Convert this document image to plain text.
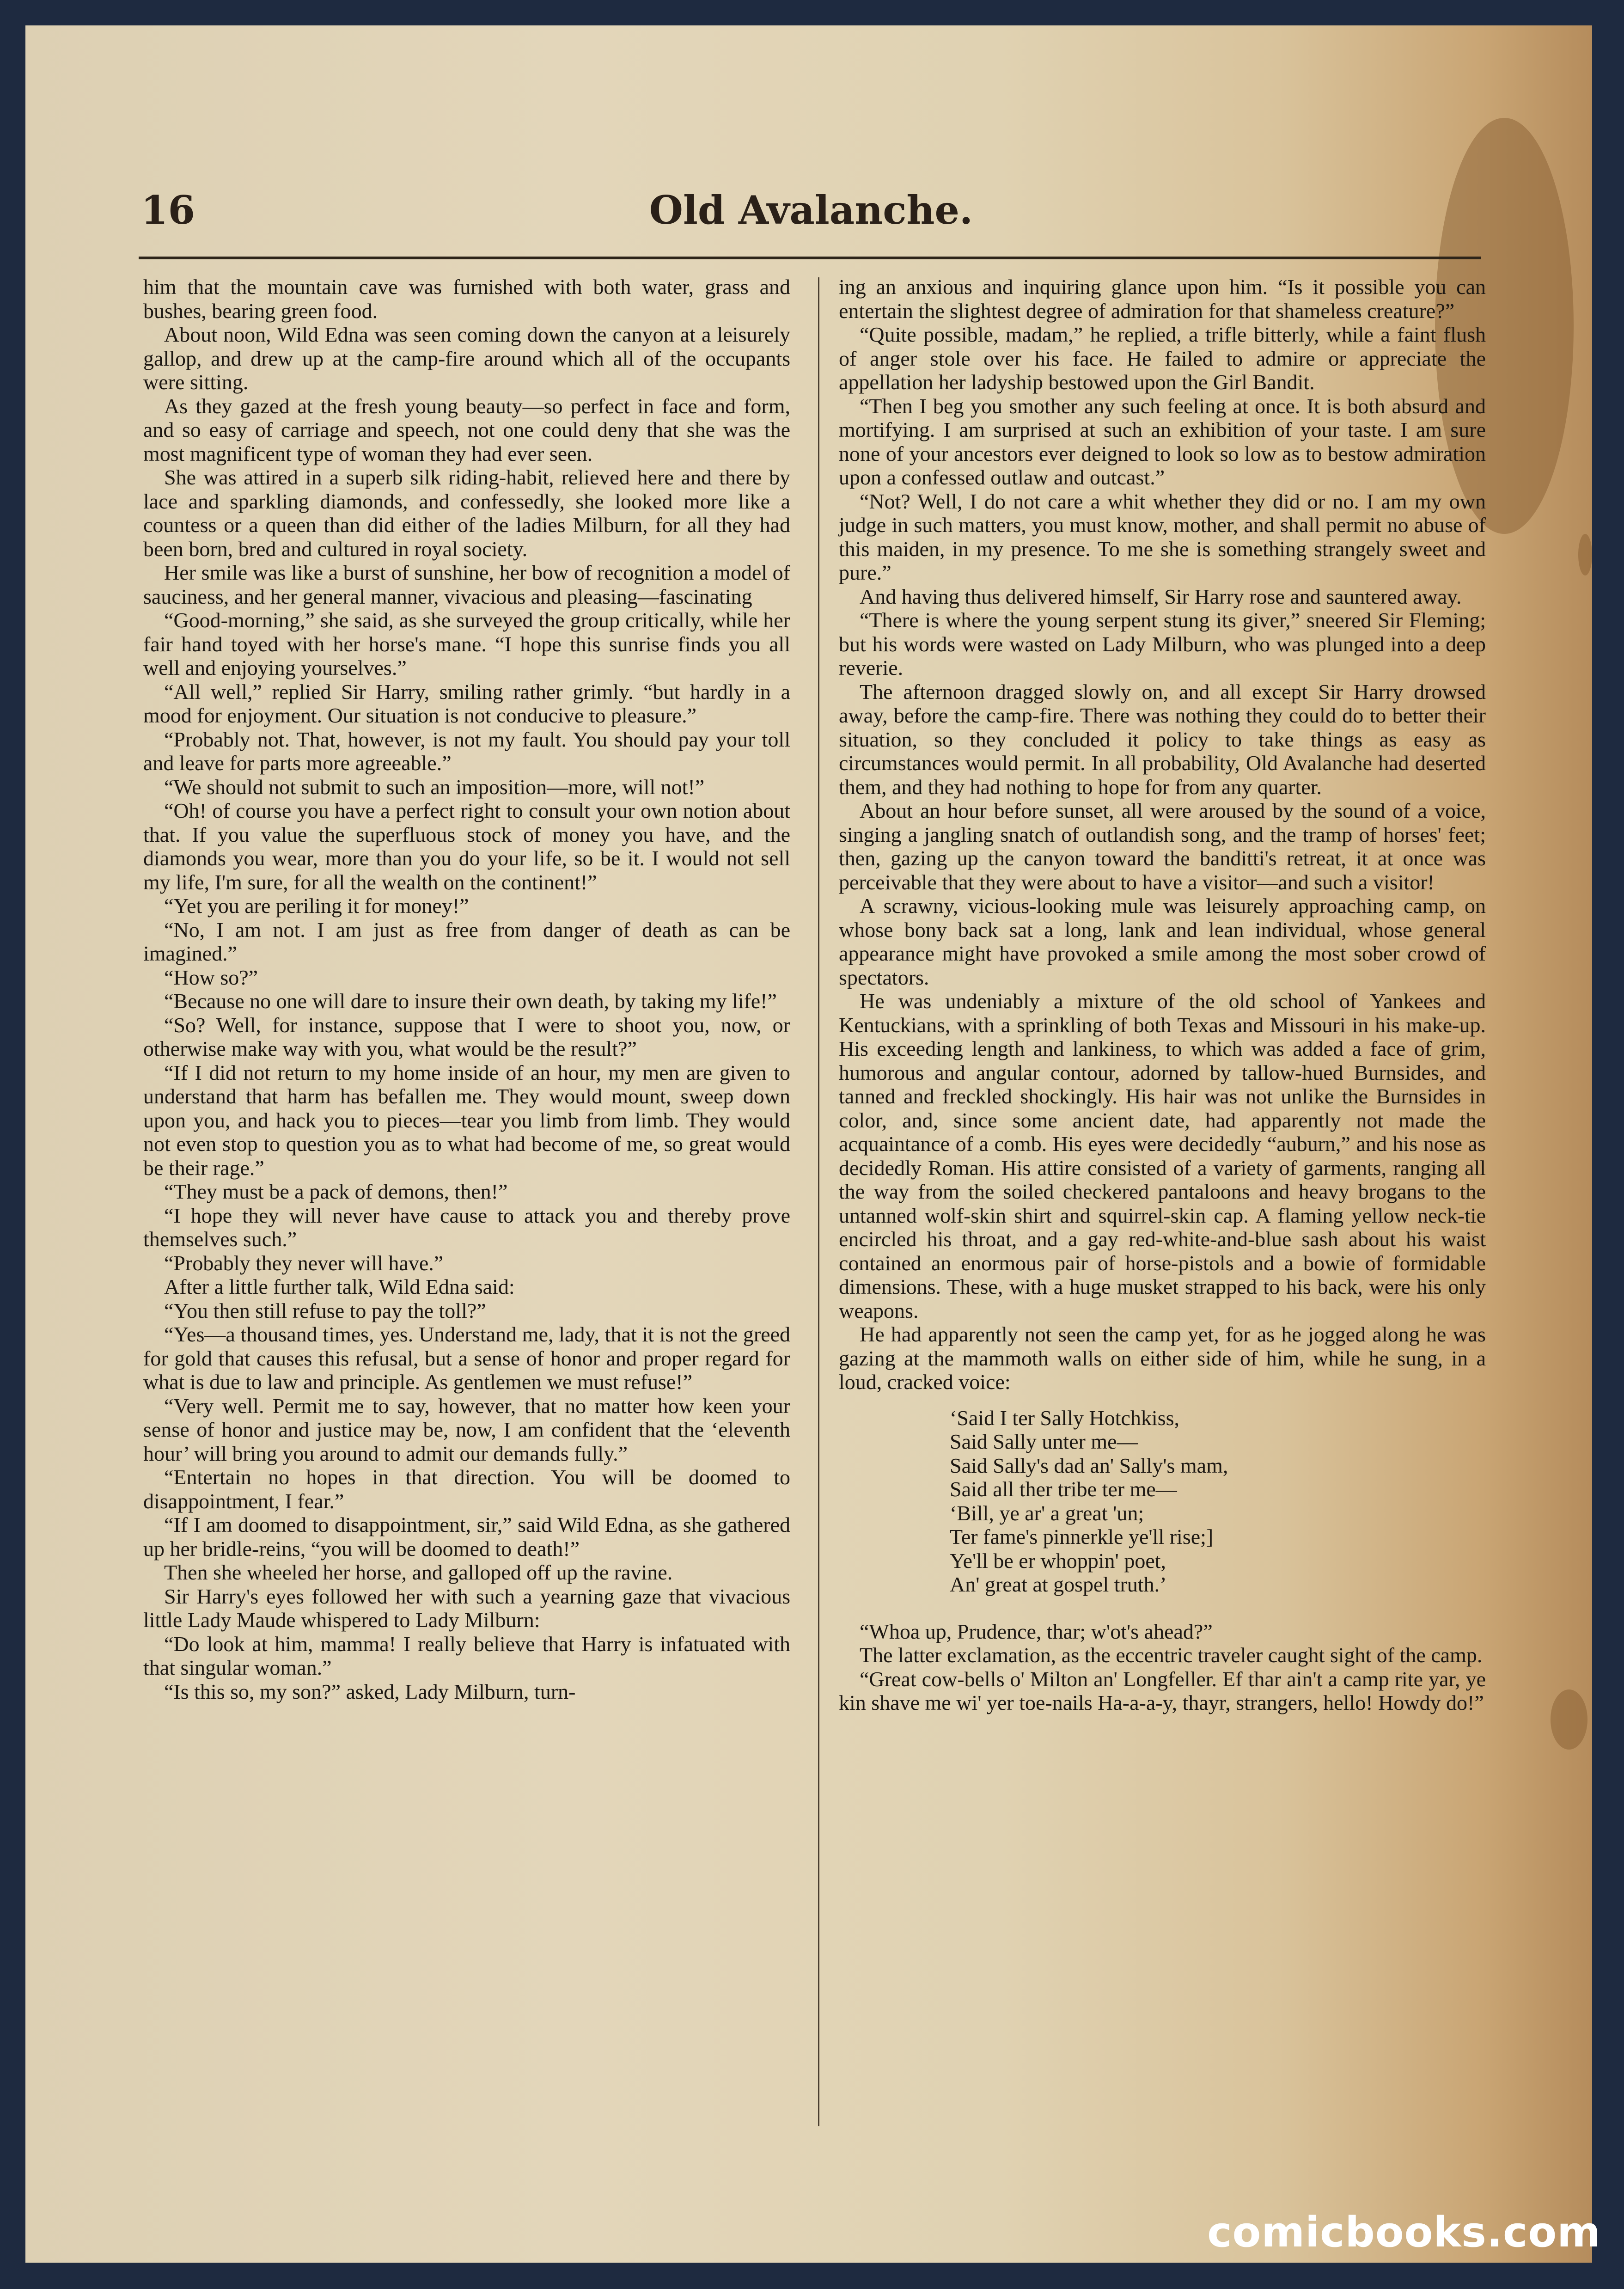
16	Old Avalanche.

him that the mountain cave was furnished with both water, grass and bushes, bearing green food.

About noon, Wild Edna was seen coming down the canyon at a leisurely gallop, and drew up at the camp-fire around which all of the occupants were sitting.

As they gazed at the fresh young beauty—so perfect in face and form, and so easy of carriage and speech, not one could deny that she was the most magnificent type of woman they had ever seen.

She was attired in a superb silk riding-habit, relieved here and there by lace and sparkling diamonds, and confessedly, she looked more like a countess or a queen than did either of the ladies Milburn, for all they had been born, bred and cultured in royal society.

Her smile was like a burst of sunshine, her bow of recognition a model of sauciness, and her general manner, vivacious and pleasing—fascinating

“Good-morning,” she said, as she surveyed the group critically, while her fair hand toyed with her horse's mane. “I hope this sunrise finds you all well and enjoying yourselves.”

“All well,” replied Sir Harry, smiling rather grimly. “but hardly in a mood for enjoyment. Our situation is not conducive to pleasure.”

“Probably not. That, however, is not my fault. You should pay your toll and leave for parts more agreeable.”

“We should not submit to such an imposition—more, will not!”

“Oh! of course you have a perfect right to consult your own notion about that. If you value the superfluous stock of money you have, and the diamonds you wear, more than you do your life, so be it. I would not sell my life, I'm sure, for all the wealth on the continent!”

“Yet you are periling it for money!”

“No, I am not. I am just as free from danger of death as can be imagined.”

“How so?”

“Because no one will dare to insure their own death, by taking my life!”

“So? Well, for instance, suppose that I were to shoot you, now, or otherwise make way with you, what would be the result?”

“If I did not return to my home inside of an hour, my men are given to understand that harm has befallen me. They would mount, sweep down upon you, and hack you to pieces—tear you limb from limb. They would not even stop to question you as to what had become of me, so great would be their rage.”

“They must be a pack of demons, then!”

“I hope they will never have cause to attack you and thereby prove themselves such.”

“Probably they never will have.”

After a little further talk, Wild Edna said:

“You then still refuse to pay the toll?”

“Yes—a thousand times, yes. Understand me, lady, that it is not the greed for gold that causes this refusal, but a sense of honor and proper regard for what is due to law and principle. As gentlemen we must refuse!”

“Very well. Permit me to say, however, that no matter how keen your sense of honor and justice may be, now, I am confident that the ‘eleventh hour’ will bring you around to admit our demands fully.”

“Entertain no hopes in that direction. You will be doomed to disappointment, I fear.”

“If I am doomed to disappointment, sir,” said Wild Edna, as she gathered up her bridle-reins, “you will be doomed to death!”

Then she wheeled her horse, and galloped off up the ravine.

Sir Harry's eyes followed her with such a yearning gaze that vivacious little Lady Maude whispered to Lady Milburn:

“Do look at him, mamma! I really believe that Harry is infatuated with that singular woman.”

“Is this so, my son?” asked, Lady Milburn, turn-

ing an anxious and inquiring glance upon him. “Is it possible you can entertain the slightest degree of admiration for that shameless creature?”

“Quite possible, madam,” he replied, a trifle bitterly, while a faint flush of anger stole over his face. He failed to admire or appreciate the appellation her ladyship bestowed upon the Girl Bandit.

“Then I beg you smother any such feeling at once. It is both absurd and mortifying. I am surprised at such an exhibition of your taste. I am sure none of your ancestors ever deigned to look so low as to bestow admiration upon a confessed outlaw and outcast.”

“Not? Well, I do not care a whit whether they did or no. I am my own judge in such matters, you must know, mother, and shall permit no abuse of this maiden, in my presence. To me she is something strangely sweet and pure.”

And having thus delivered himself, Sir Harry rose and sauntered away.

“There is where the young serpent stung its giver,” sneered Sir Fleming; but his words were wasted on Lady Milburn, who was plunged into a deep reverie.

The afternoon dragged slowly on, and all except Sir Harry drowsed away, before the camp-fire. There was nothing they could do to better their situation, so they concluded it policy to take things as easy as circumstances would permit. In all probability, Old Avalanche had deserted them, and they had nothing to hope for from any quarter.

About an hour before sunset, all were aroused by the sound of a voice, singing a jangling snatch of outlandish song, and the tramp of horses' feet; then, gazing up the canyon toward the banditti's retreat, it at once was perceivable that they were about to have a visitor—and such a visitor!

A scrawny, vicious-looking mule was leisurely approaching camp, on whose bony back sat a long, lank and lean individual, whose general appearance might have provoked a smile among the most sober crowd of spectators.

He was undeniably a mixture of the old school of Yankees and Kentuckians, with a sprinkling of both Texas and Missouri in his make-up. His exceeding length and lankiness, to which was added a face of grim, humorous and angular contour, adorned by tallow-hued Burnsides, and tanned and freckled shockingly. His hair was not unlike the Burnsides in color, and, since some ancient date, had apparently not made the acquaintance of a comb. His eyes were decidedly “auburn,” and his nose as decidedly Roman. His attire consisted of a variety of garments, ranging all the way from the soiled checkered pantaloons and heavy brogans to the untanned wolf-skin shirt and squirrel-skin cap. A flaming yellow neck-tie encircled his throat, and a gay red-white-and-blue sash about his waist contained an enormous pair of horse-pistols and a bowie of formidable dimensions. These, with a huge musket strapped to his back, were his only weapons.

He had apparently not seen the camp yet, for as he jogged along he was gazing at the mammoth walls on either side of him, while he sung, in a loud, cracked voice:

‘Said I ter Sally Hotchkiss,
Said Sally unter me—
Said Sally's dad an' Sally's mam,
Said all ther tribe ter me—
‘Bill, ye ar' a great 'un;
Ter fame's pinnerkle ye'll rise;]
Ye'll be er whoppin' poet,
An' great at gospel truth.’

“Whoa up, Prudence, thar; w'ot's ahead?”

The latter exclamation, as the eccentric traveler caught sight of the camp.

“Great cow-bells o' Milton an' Longfeller. Ef thar ain't a camp rite yar, ye kin shave me wi' yer toe-nails Ha-a-a-y, thayr, strangers, hello! Howdy do!”

comicbooks.com
